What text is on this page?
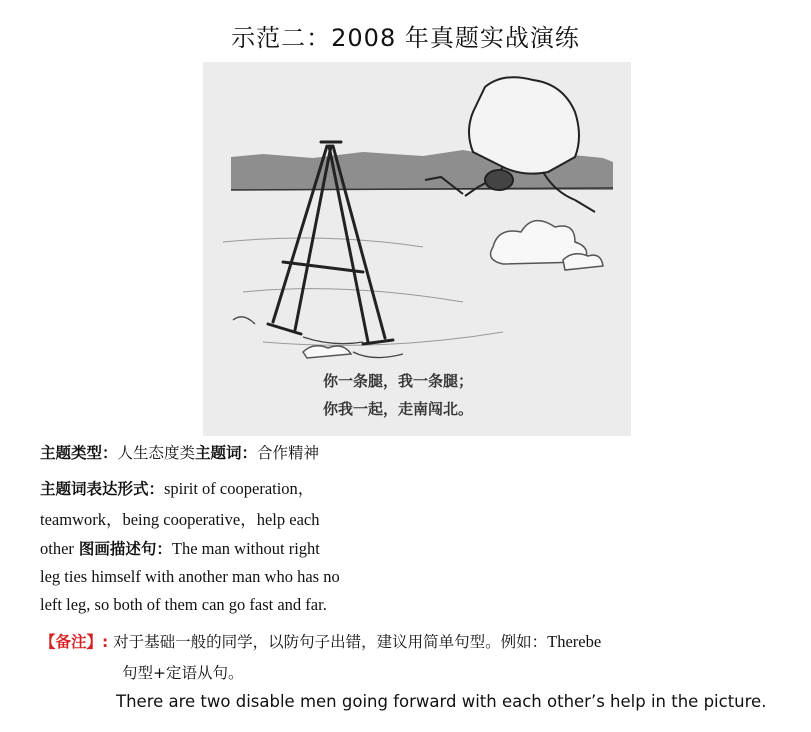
示范二：2008 年真题实战演练
你一条腿，我一条腿；
你我一起，走南闯北。
主题类型：人生态度类主题词：合作精神
主题词表达形式：spirit of cooperation，
teamwork，being cooperative，help each
other 图画描述句：The man without right
leg ties himself with another man who has no
left leg, so both of them can go fast and far.
【备注】: 对于基础一般的同学，以防句子出错，建议用简单句型。例如：Therebe
句型+定语从句。
There are two disable men going forward with each other’s help in the picture.
